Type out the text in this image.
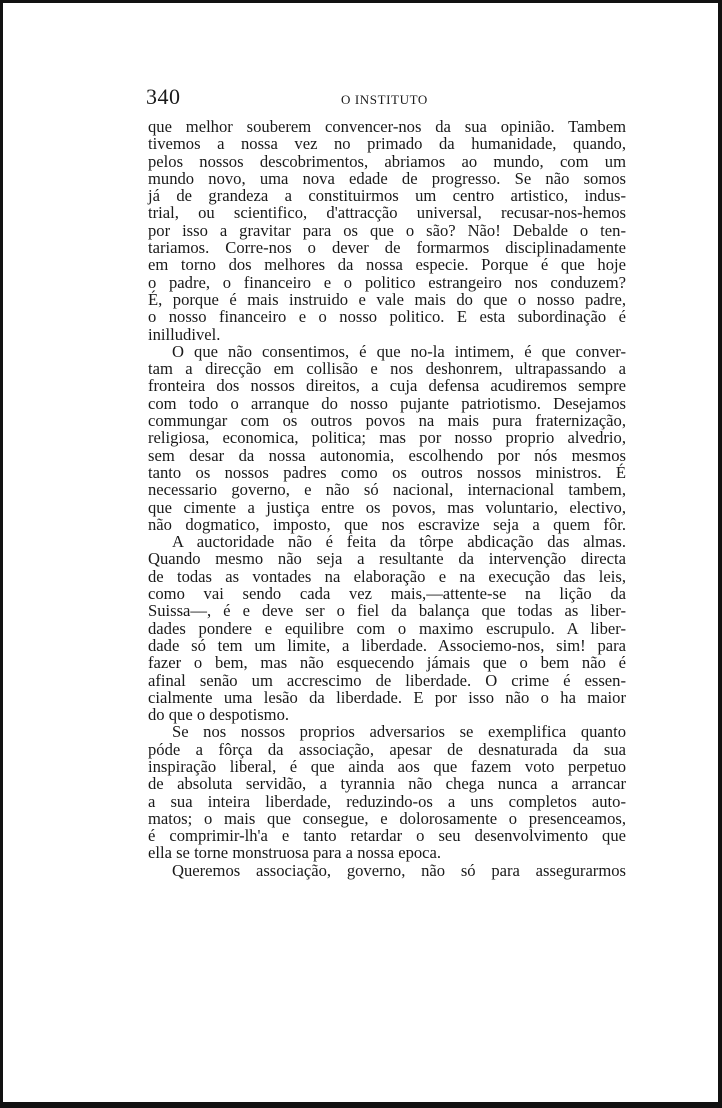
340	O INSTITUTO
que melhor souberem convencer-nos da sua opinião. Tambem
tivemos a nossa vez no primado da humanidade, quando,
pelos nossos descobrimentos, abriamos ao mundo, com um
mundo novo, uma nova edade de progresso. Se não somos
já de grandeza a constituirmos um centro artistico, indus-
trial, ou scientifico, d'attracção universal, recusar-nos-hemos
por isso a gravitar para os que o são? Não! Debalde o ten-
tariamos. Corre-nos o dever de formarmos disciplinadamente
em torno dos melhores da nossa especie. Porque é que hoje
o padre, o financeiro e o politico estrangeiro nos conduzem?
É, porque é mais instruido e vale mais do que o nosso padre,
o nosso financeiro e o nosso politico. E esta subordinação é
inilludivel.
O que não consentimos, é que no-la intimem, é que conver-
tam a direcção em collisão e nos deshonrem, ultrapassando a
fronteira dos nossos direitos, a cuja defensa acudiremos sempre
com todo o arranque do nosso pujante patriotismo. Desejamos
commungar com os outros povos na mais pura fraternização,
religiosa, economica, politica; mas por nosso proprio alvedrio,
sem desar da nossa autonomia, escolhendo por nós mesmos
tanto os nossos padres como os outros nossos ministros. É
necessario governo, e não só nacional, internacional tambem,
que cimente a justiça entre os povos, mas voluntario, electivo,
não dogmatico, imposto, que nos escravize seja a quem fôr.
A auctoridade não é feita da tôrpe abdicação das almas.
Quando mesmo não seja a resultante da intervenção directa
de todas as vontades na elaboração e na execução das leis,
como vai sendo cada vez mais,—attente-se na lição da
Suissa—, é e deve ser o fiel da balança que todas as liber-
dades pondere e equilibre com o maximo escrupulo. A liber-
dade só tem um limite, a liberdade. Associemo-nos, sim! para
fazer o bem, mas não esquecendo jámais que o bem não é
afinal senão um accrescimo de liberdade. O crime é essen-
cialmente uma lesão da liberdade. E por isso não o ha maior
do que o despotismo.
Se nos nossos proprios adversarios se exemplifica quanto
póde a fôrça da associação, apesar de desnaturada da sua
inspiração liberal, é que ainda aos que fazem voto perpetuo
de absoluta servidão, a tyrannia não chega nunca a arrancar
a sua inteira liberdade, reduzindo-os a uns completos auto-
matos; o mais que consegue, e dolorosamente o presenceamos,
é comprimir-lh'a e tanto retardar o seu desenvolvimento que
ella se torne monstruosa para a nossa epoca.
Queremos associação, governo, não só para assegurarmos
